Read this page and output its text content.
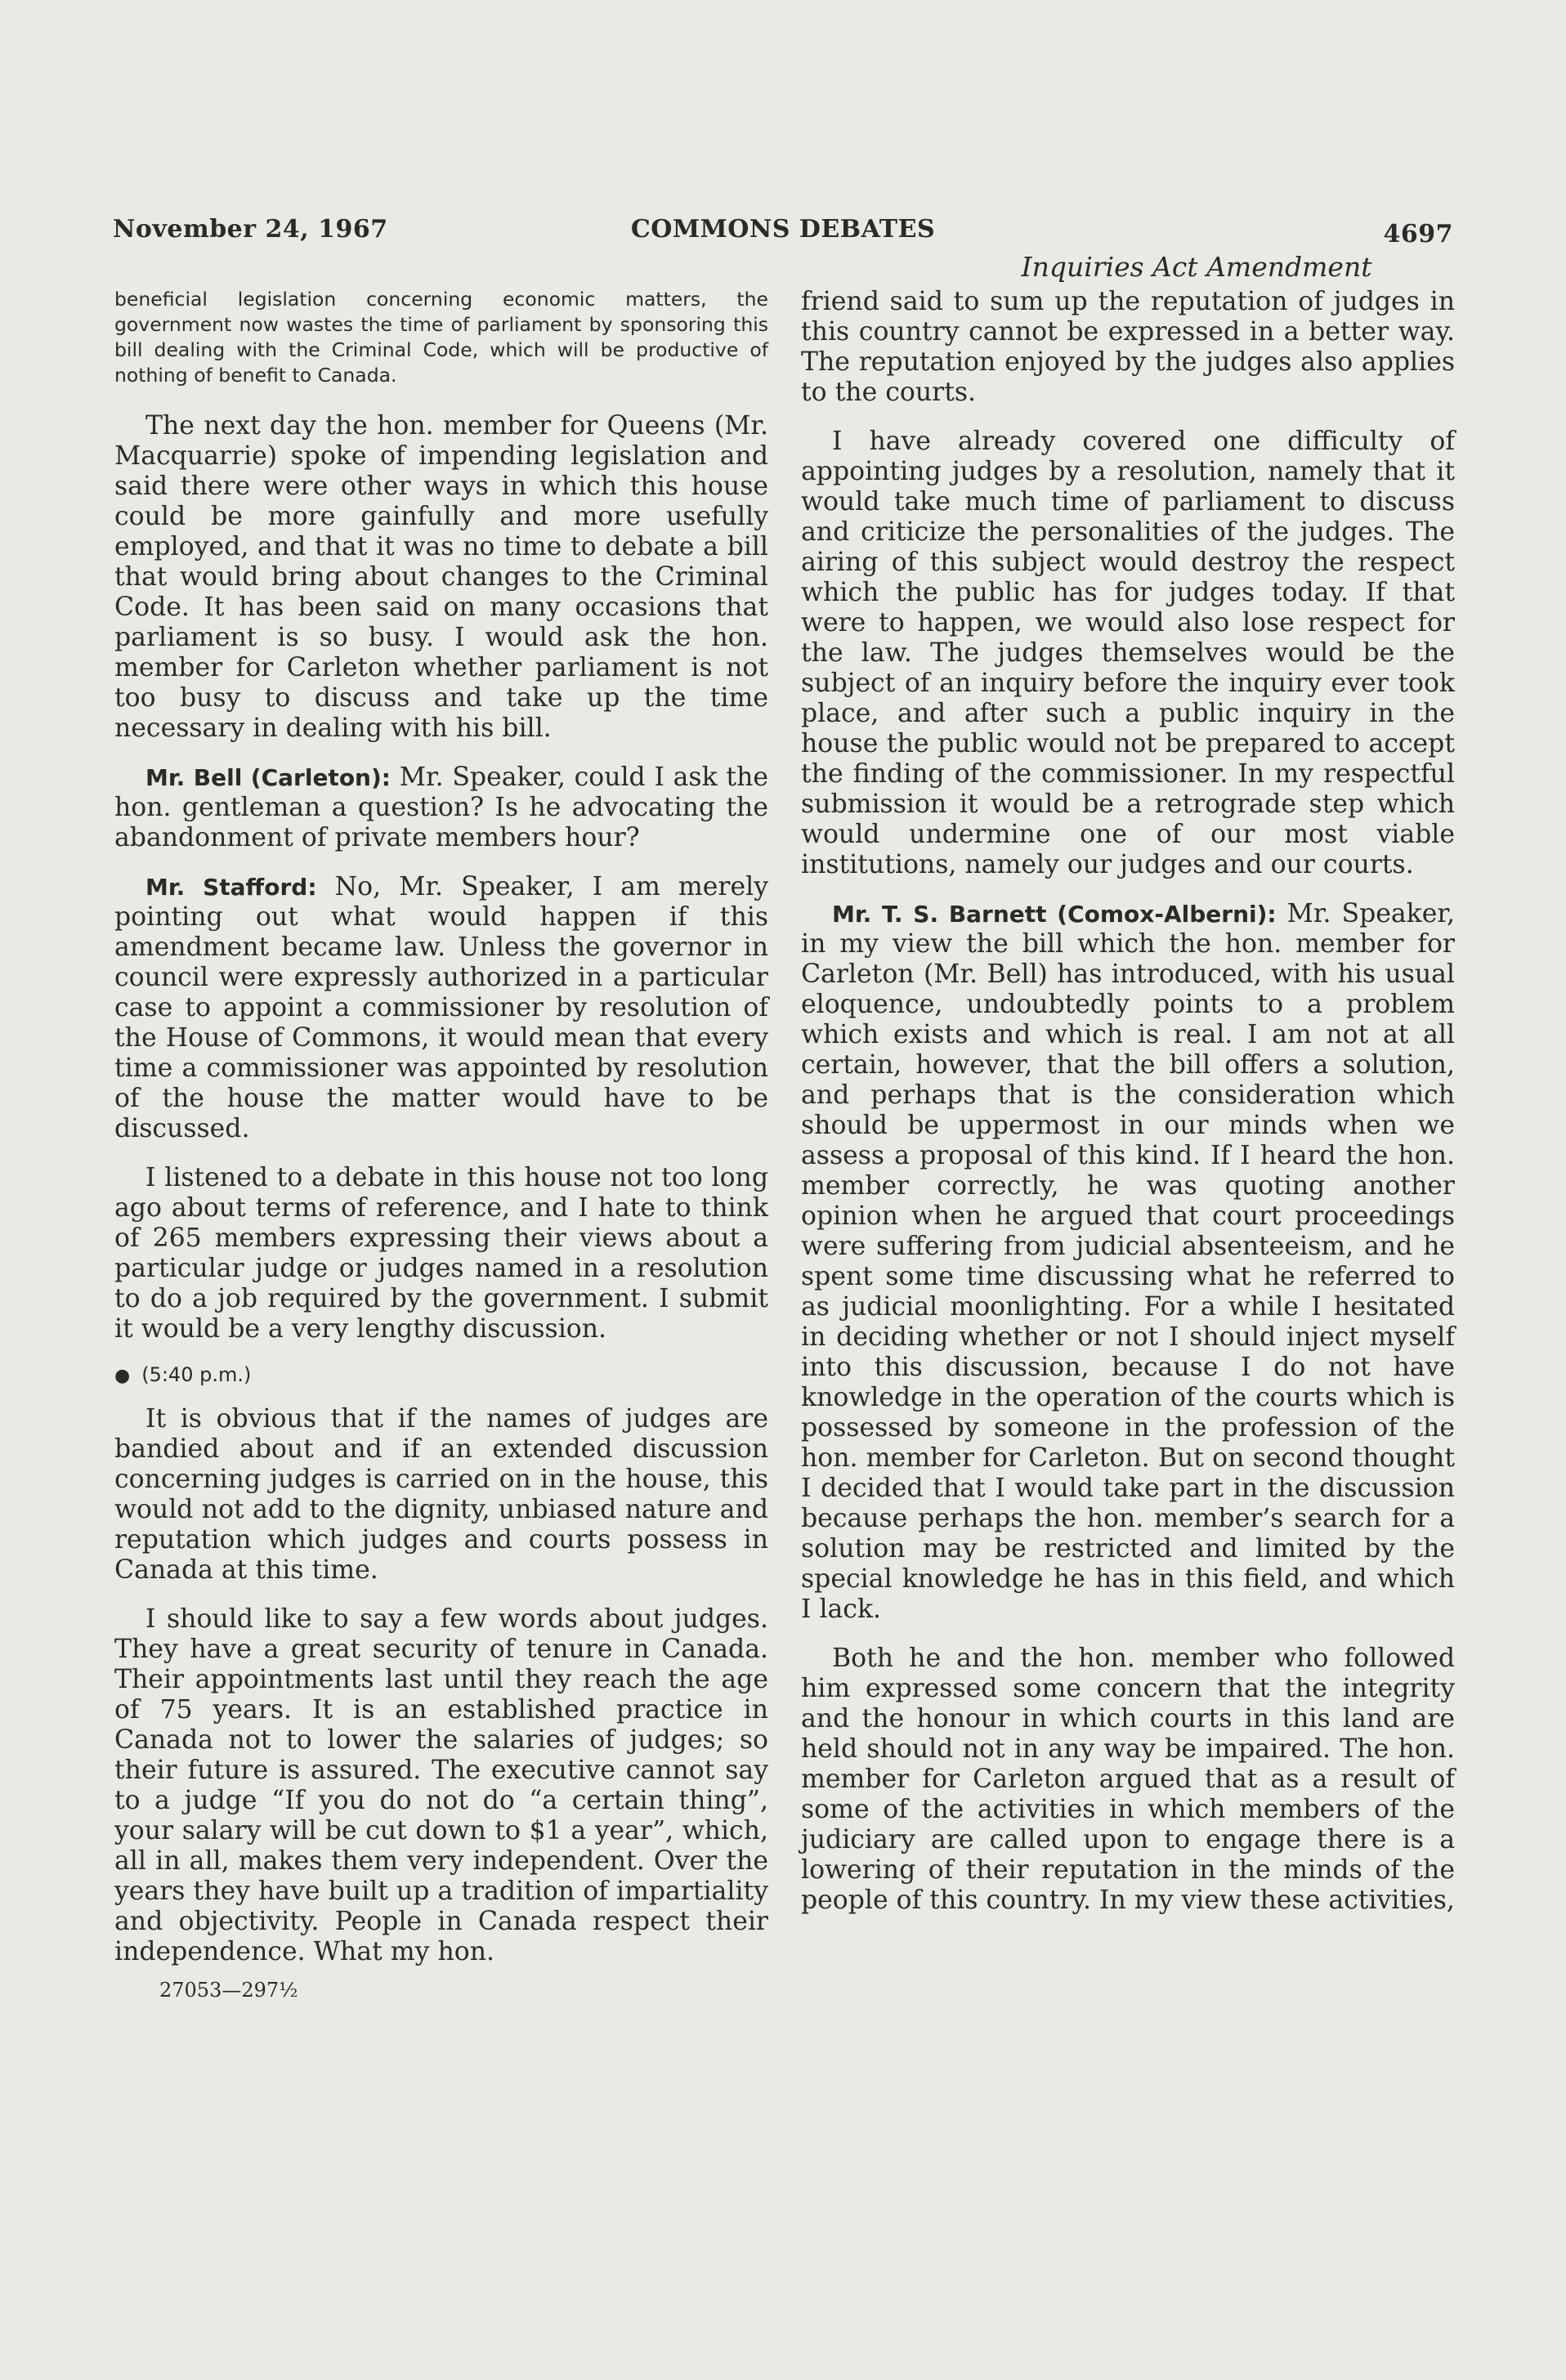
November 24, 1967	COMMONS DEBATES	4697
Inquiries Act Amendment
beneficial legislation concerning economic matters, the government now wastes the time of parliament by sponsoring this bill dealing with the Criminal Code, which will be productive of nothing of benefit to Canada.

The next day the hon. member for Queens (Mr. Macquarrie) spoke of impending legislation and said there were other ways in which this house could be more gainfully and more usefully employed, and that it was no time to debate a bill that would bring about changes to the Criminal Code. It has been said on many occasions that parliament is so busy. I would ask the hon. member for Carleton whether parliament is not too busy to discuss and take up the time necessary in dealing with his bill.

Mr. Bell (Carleton): Mr. Speaker, could I ask the hon. gentleman a question? Is he advocating the abandonment of private members hour?

Mr. Stafford: No, Mr. Speaker, I am merely pointing out what would happen if this amendment became law. Unless the governor in council were expressly authorized in a particular case to appoint a commissioner by resolution of the House of Commons, it would mean that every time a commissioner was appointed by resolution of the house the matter would have to be discussed.

I listened to a debate in this house not too long ago about terms of reference, and I hate to think of 265 members expressing their views about a particular judge or judges named in a resolution to do a job required by the government. I submit it would be a very lengthy discussion.

● (5:40 p.m.)

It is obvious that if the names of judges are bandied about and if an extended discussion concerning judges is carried on in the house, this would not add to the dignity, unbiased nature and reputation which judges and courts possess in Canada at this time.

I should like to say a few words about judges. They have a great security of tenure in Canada. Their appointments last until they reach the age of 75 years. It is an established practice in Canada not to lower the salaries of judges; so their future is assured. The executive cannot say to a judge “If you do not do “a certain thing”, your salary will be cut down to $1 a year”, which, all in all, makes them very independent. Over the years they have built up a tradition of impartiality and objectivity. People in Canada respect their independence. What my hon.

27053—297½

friend said to sum up the reputation of judges in this country cannot be expressed in a better way. The reputation enjoyed by the judges also applies to the courts.

I have already covered one difficulty of appointing judges by a resolution, namely that it would take much time of parliament to discuss and criticize the personalities of the judges. The airing of this subject would destroy the respect which the public has for judges today. If that were to happen, we would also lose respect for the law. The judges themselves would be the subject of an inquiry before the inquiry ever took place, and after such a public inquiry in the house the public would not be prepared to accept the finding of the commissioner. In my respectful submission it would be a retrograde step which would undermine one of our most viable institutions, namely our judges and our courts.

Mr. T. S. Barnett (Comox-Alberni): Mr. Speaker, in my view the bill which the hon. member for Carleton (Mr. Bell) has introduced, with his usual eloquence, undoubtedly points to a problem which exists and which is real. I am not at all certain, however, that the bill offers a solution, and perhaps that is the consideration which should be uppermost in our minds when we assess a proposal of this kind. If I heard the hon. member correctly, he was quoting another opinion when he argued that court proceedings were suffering from judicial absenteeism, and he spent some time discussing what he referred to as judicial moonlighting. For a while I hesitated in deciding whether or not I should inject myself into this discussion, because I do not have knowledge in the operation of the courts which is possessed by someone in the profession of the hon. member for Carleton. But on second thought I decided that I would take part in the discussion because perhaps the hon. member’s search for a solution may be restricted and limited by the special knowledge he has in this field, and which I lack.

Both he and the hon. member who followed him expressed some concern that the integrity and the honour in which courts in this land are held should not in any way be impaired. The hon. member for Carleton argued that as a result of some of the activities in which members of the judiciary are called upon to engage there is a lowering of their reputation in the minds of the people of this country. In my view these activities,
